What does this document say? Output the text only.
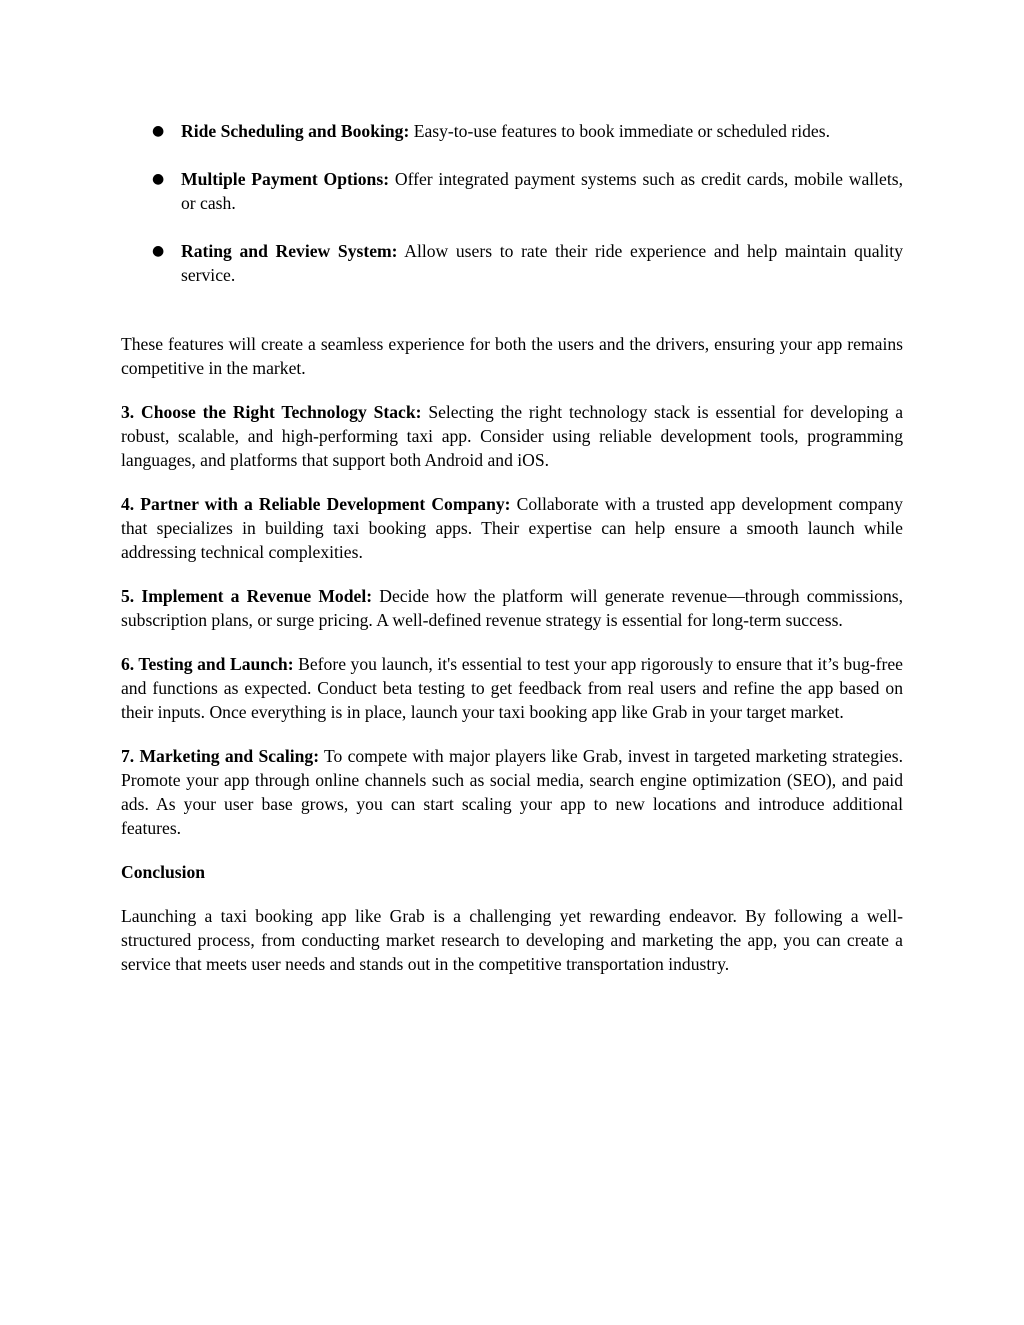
● Ride Scheduling and Booking: Easy-to-use features to book immediate or scheduled rides.
● Multiple Payment Options: Offer integrated payment systems such as credit cards, mobile wallets, or cash.
● Rating and Review System: Allow users to rate their ride experience and help maintain quality service.

These features will create a seamless experience for both the users and the drivers, ensuring your app remains competitive in the market.

3. Choose the Right Technology Stack: Selecting the right technology stack is essential for developing a robust, scalable, and high-performing taxi app. Consider using reliable development tools, programming languages, and platforms that support both Android and iOS.

4. Partner with a Reliable Development Company: Collaborate with a trusted app development company that specializes in building taxi booking apps. Their expertise can help ensure a smooth launch while addressing technical complexities.

5. Implement a Revenue Model: Decide how the platform will generate revenue—through commissions, subscription plans, or surge pricing. A well-defined revenue strategy is essential for long-term success.

6. Testing and Launch: Before you launch, it's essential to test your app rigorously to ensure that it’s bug-free and functions as expected. Conduct beta testing to get feedback from real users and refine the app based on their inputs. Once everything is in place, launch your taxi booking app like Grab in your target market.

7. Marketing and Scaling: To compete with major players like Grab, invest in targeted marketing strategies. Promote your app through online channels such as social media, search engine optimization (SEO), and paid ads. As your user base grows, you can start scaling your app to new locations and introduce additional features.

Conclusion

Launching a taxi booking app like Grab is a challenging yet rewarding endeavor. By following a well-structured process, from conducting market research to developing and marketing the app, you can create a service that meets user needs and stands out in the competitive transportation industry.
